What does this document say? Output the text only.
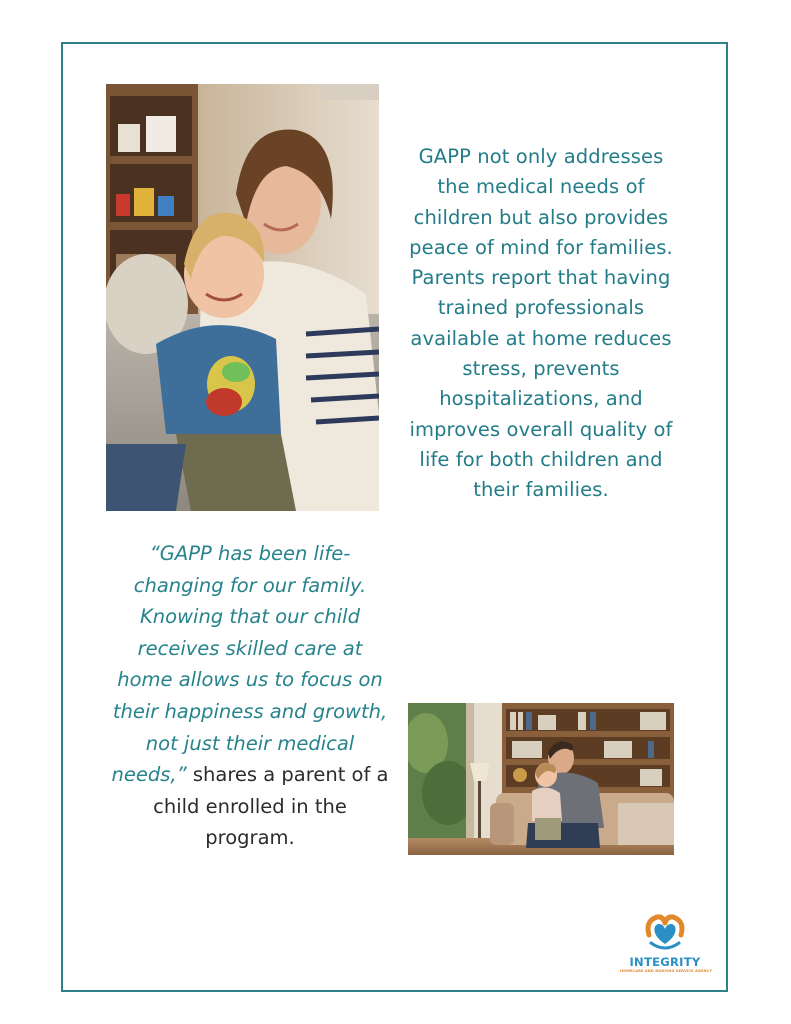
GAPP not only addresses the medical needs of children but also provides peace of mind for families. Parents report that having trained professionals available at home reduces stress, prevents hospitalizations, and improves overall quality of life for both children and their families.
“GAPP has been life-changing for our family. Knowing that our child receives skilled care at home allows us to focus on their happiness and growth, not just their medical needs,” shares a parent of a child enrolled in the program.
INTEGRITY
HOMECARE AND NURSING SERVICE AGENCY
